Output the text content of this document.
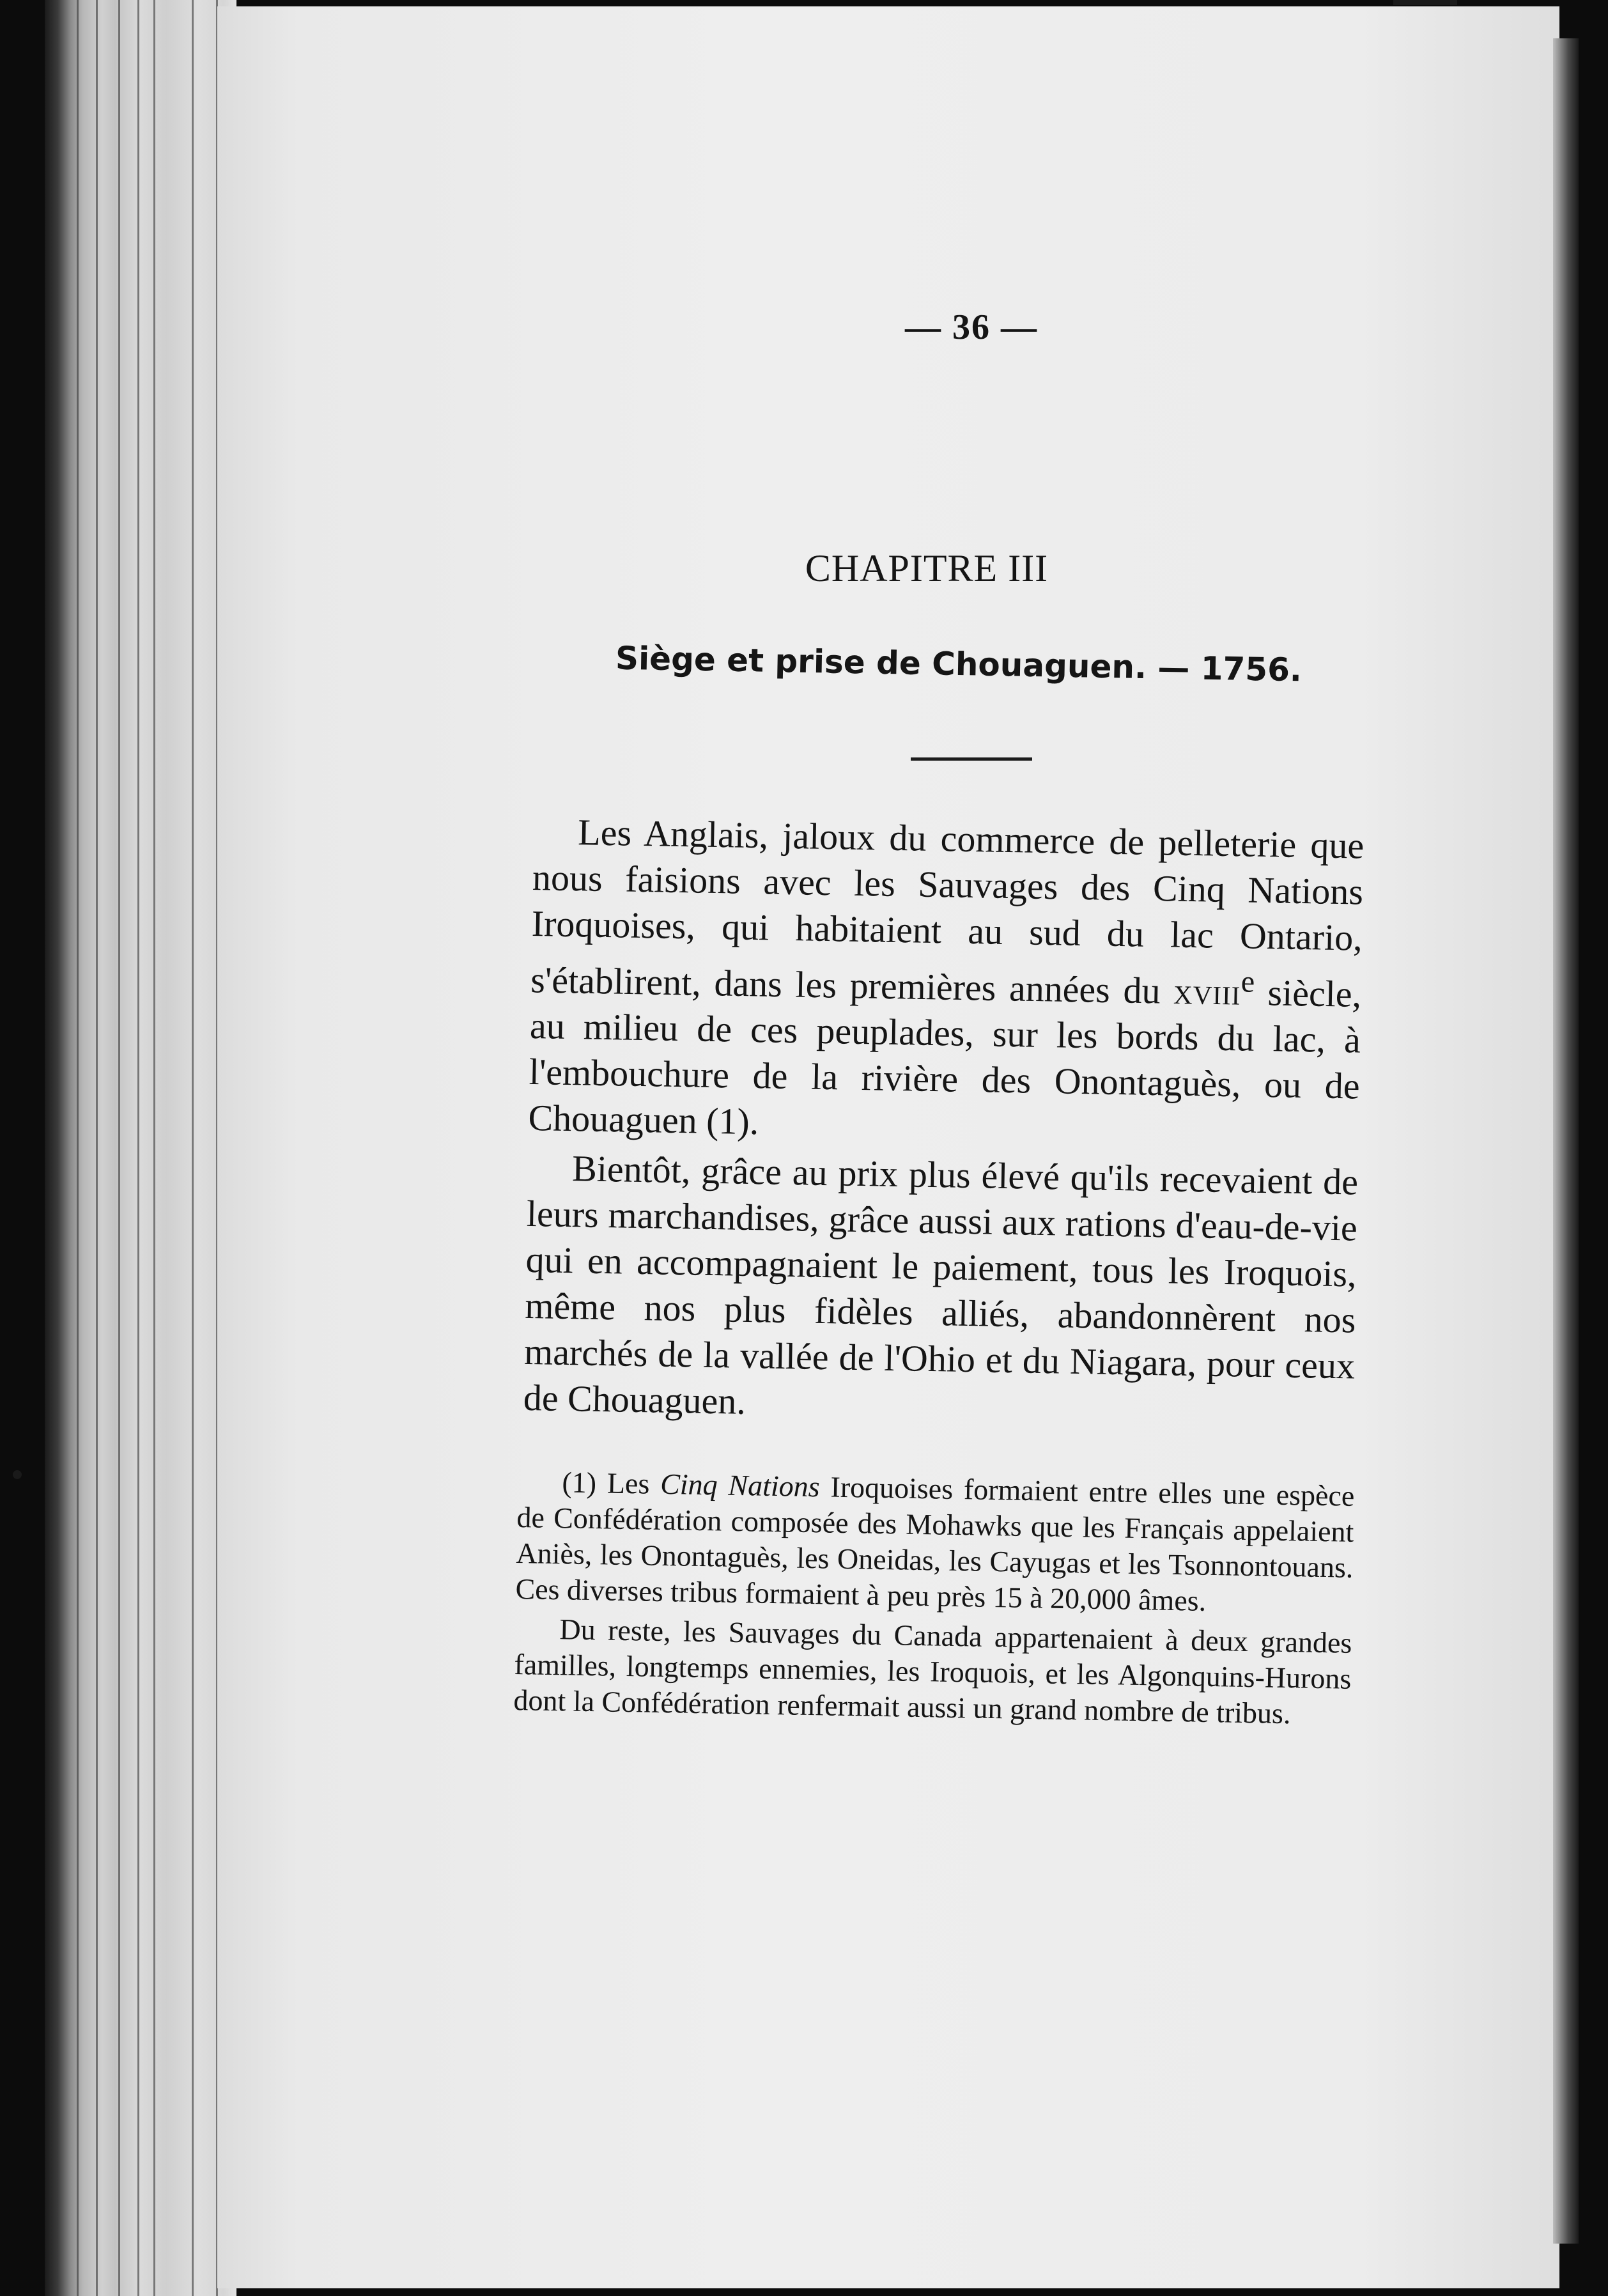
— 36 —
CHAPITRE III
Siège et prise de Chouaguen. — 1756.

Les Anglais, jaloux du commerce de pelleterie que nous faisions avec les Sauvages des Cinq Nations Iroquoises, qui habitaient au sud du lac Ontario, s'établirent, dans les premières années du xviii$^e$ siècle, au milieu de ces peuplades, sur les bords du lac, à l'embouchure de la rivière des Onontaguès, ou de Chouaguen (1).

Bientôt, grâce au prix plus élevé qu'ils recevaient de leurs marchandises, grâce aussi aux rations d'eau-de-vie qui en accompagnaient le paiement, tous les Iroquois, même nos plus fidèles alliés, abandonnèrent nos marchés de la vallée de l'Ohio et du Niagara, pour ceux de Chouaguen.

(1) Les Cinq Nations Iroquoises formaient entre elles une espèce de Confédération composée des Mohawks que les Français appelaient Aniès, les Onontaguès, les Oneidas, les Cayugas et les Tsonnontouans. Ces diverses tribus formaient à peu près 15 à 20,000 âmes.

Du reste, les Sauvages du Canada appartenaient à deux grandes familles, longtemps ennemies, les Iroquois, et les Algonquins-Hurons dont la Confédération renfermait aussi un grand nombre de tribus.
